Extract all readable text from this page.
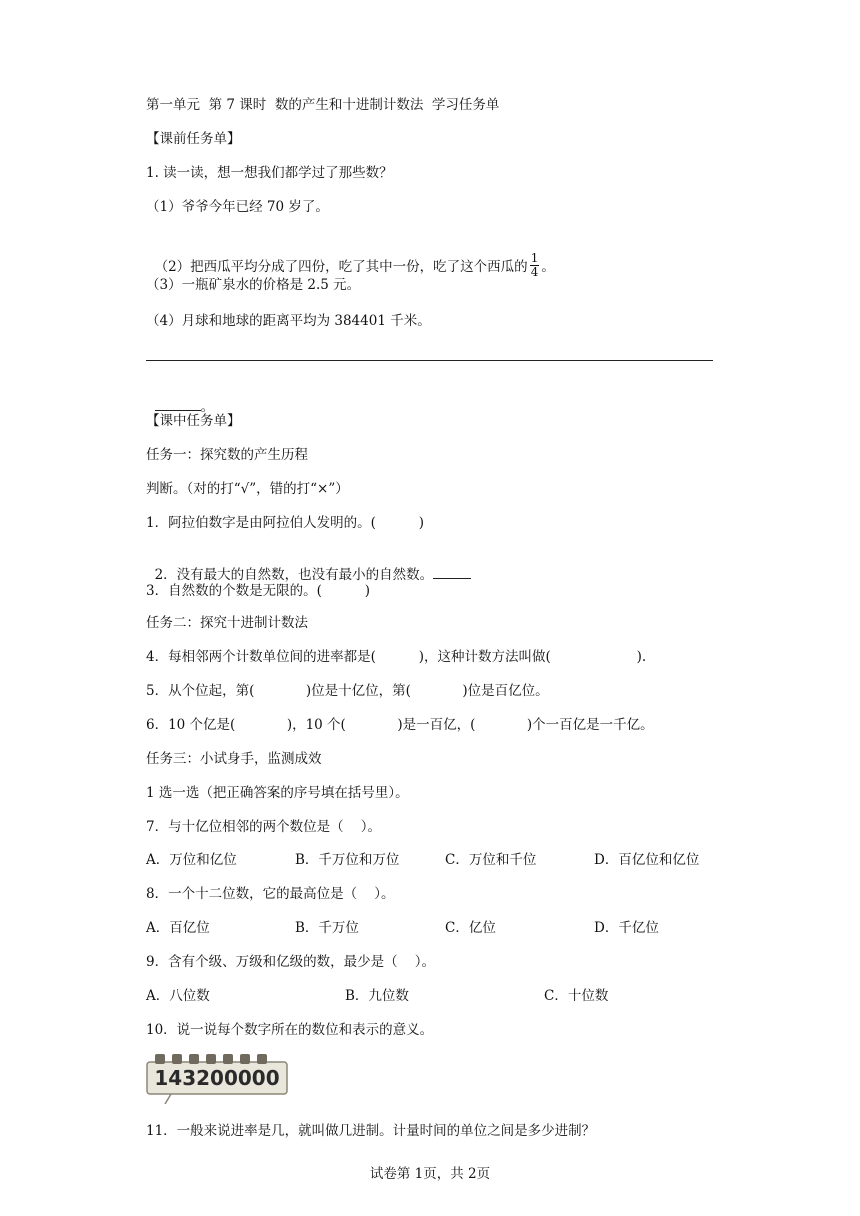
第一单元  第 7 课时  数的产生和十进制计数法  学习任务单
【课前任务单】
1. 读一读，想一想我们都学过了那些数？
（1）爷爷今年已经 70 岁了。

（2）把西瓜平均分成了四份，吃了其中一份，吃了这个西瓜的 $\frac{1}{4}$ 。

（3）一瓶矿泉水的价格是 2.5 元。
（4）月球和地球的距离平均为 384401 千米。

。

【课中任务单】
任务一：探究数的产生历程
判断。（对的打“√”，错的打“×”）
1．阿拉伯数字是由阿拉伯人发明的。(          )

2．没有最大的自然数，也没有最小的自然数。

3．自然数的个数是无限的。(          )
任务二：探究十进制计数法
4．每相邻两个计数单位间的进率都是(          )，这种计数方法叫做(                    ).
5．从个位起，第(            )位是十亿位，第(            )位是百亿位。
6．10 个亿是(            )，10 个(            )是一百亿，(            )个一百亿是一千亿。
任务三：小试身手，监测成效
1 选一选（把正确答案的序号填在括号里）。
7．与十亿位相邻的两个数位是（    ）。
A．万位和亿位	B．千万位和万位	C．万位和千位	D．百亿位和亿位
8．一个十二位数，它的最高位是（    ）。
A．百亿位	B．千万位	C．亿位	D．千亿位
9．含有个级、万级和亿级的数，最少是（    ）。
A．八位数	B．九位数	C．十位数
10．说一说每个数字所在的数位和表示的意义。
143200000
11．一般来说进率是几，就叫做几进制。计量时间的单位之间是多少进制？
试卷第 1页，共 2页
